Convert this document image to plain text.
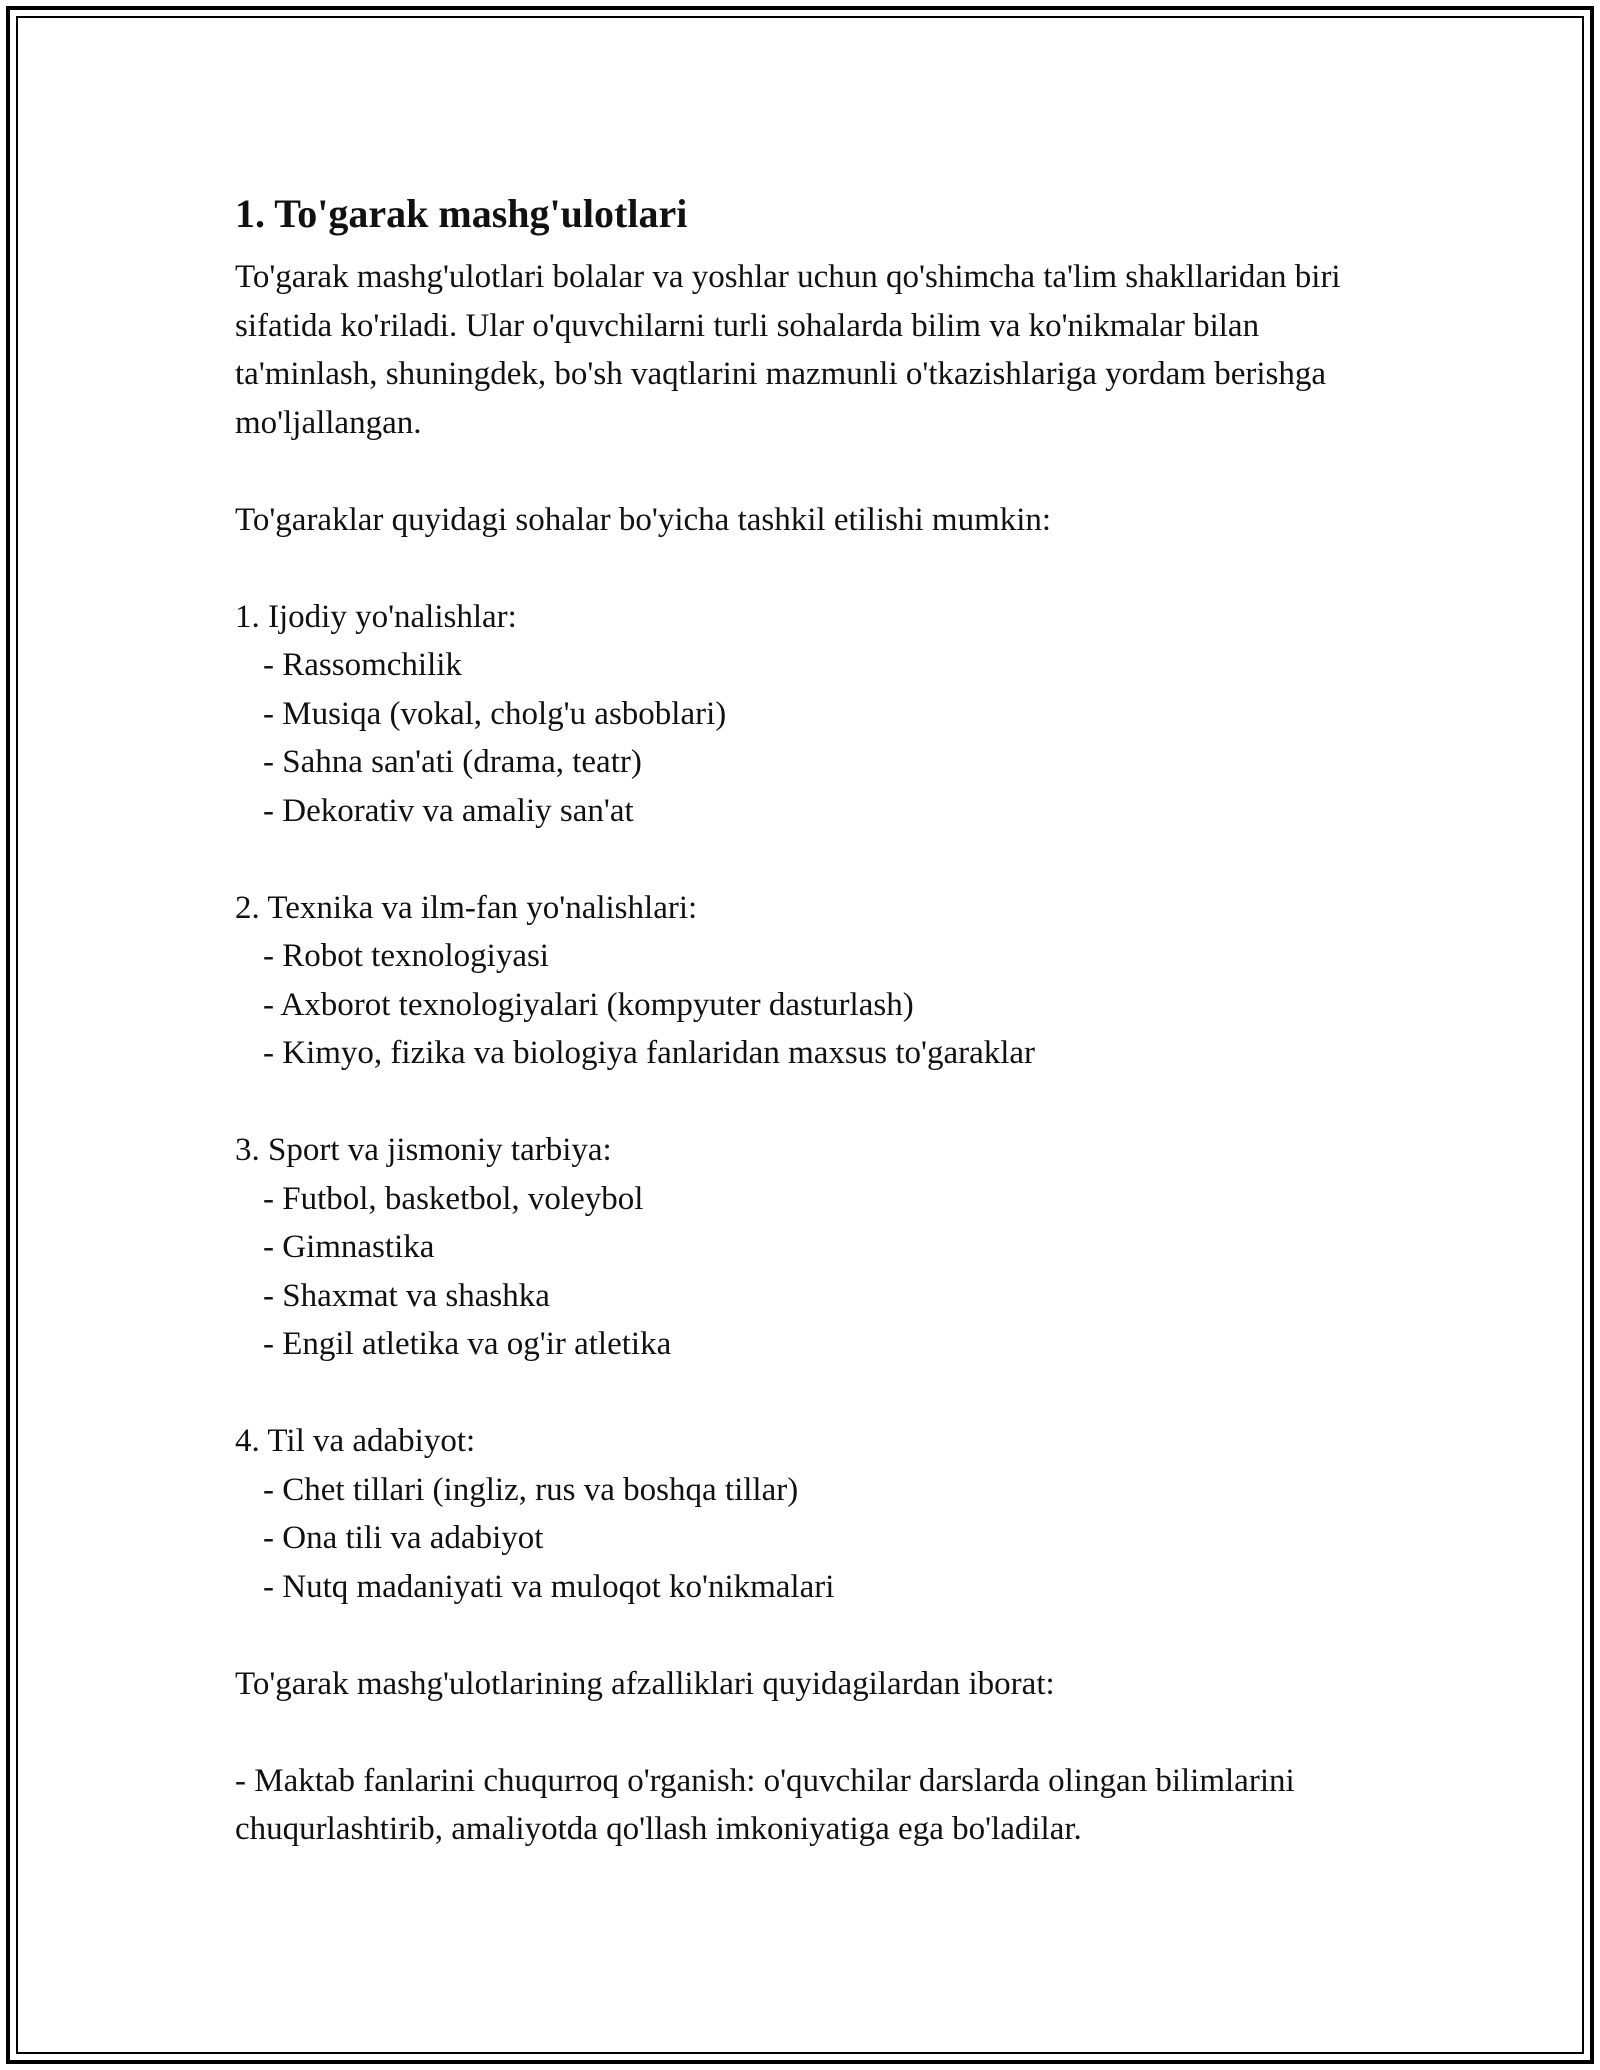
1. To'garak mashg'ulotlari

To'garak mashg'ulotlari bolalar va yoshlar uchun qo'shimcha ta'lim shakllaridan biri sifatida ko'riladi. Ular o'quvchilarni turli sohalarda bilim va ko'nikmalar bilan ta'minlash, shuningdek, bo'sh vaqtlarini mazmunli o'tkazishlariga yordam berishga mo'ljallangan.

To'garaklar quyidagi sohalar bo'yicha tashkil etilishi mumkin:

1. Ijodiy yo'nalishlar:

- Rassomchilik

- Musiqa (vokal, cholg'u asboblari)

- Sahna san'ati (drama, teatr)

- Dekorativ va amaliy san'at

2. Texnika va ilm-fan yo'nalishlari:

- Robot texnologiyasi

- Axborot texnologiyalari (kompyuter dasturlash)

- Kimyo, fizika va biologiya fanlaridan maxsus to'garaklar

3. Sport va jismoniy tarbiya:

- Futbol, basketbol, voleybol

- Gimnastika

- Shaxmat va shashka

- Engil atletika va og'ir atletika

4. Til va adabiyot:

- Chet tillari (ingliz, rus va boshqa tillar)

- Ona tili va adabiyot

- Nutq madaniyati va muloqot ko'nikmalari

To'garak mashg'ulotlarining afzalliklari quyidagilardan iborat:

- Maktab fanlarini chuqurroq o'rganish: o'quvchilar darslarda olingan bilimlarini chuqurlashtirib, amaliyotda qo'llash imkoniyatiga ega bo'ladilar.
